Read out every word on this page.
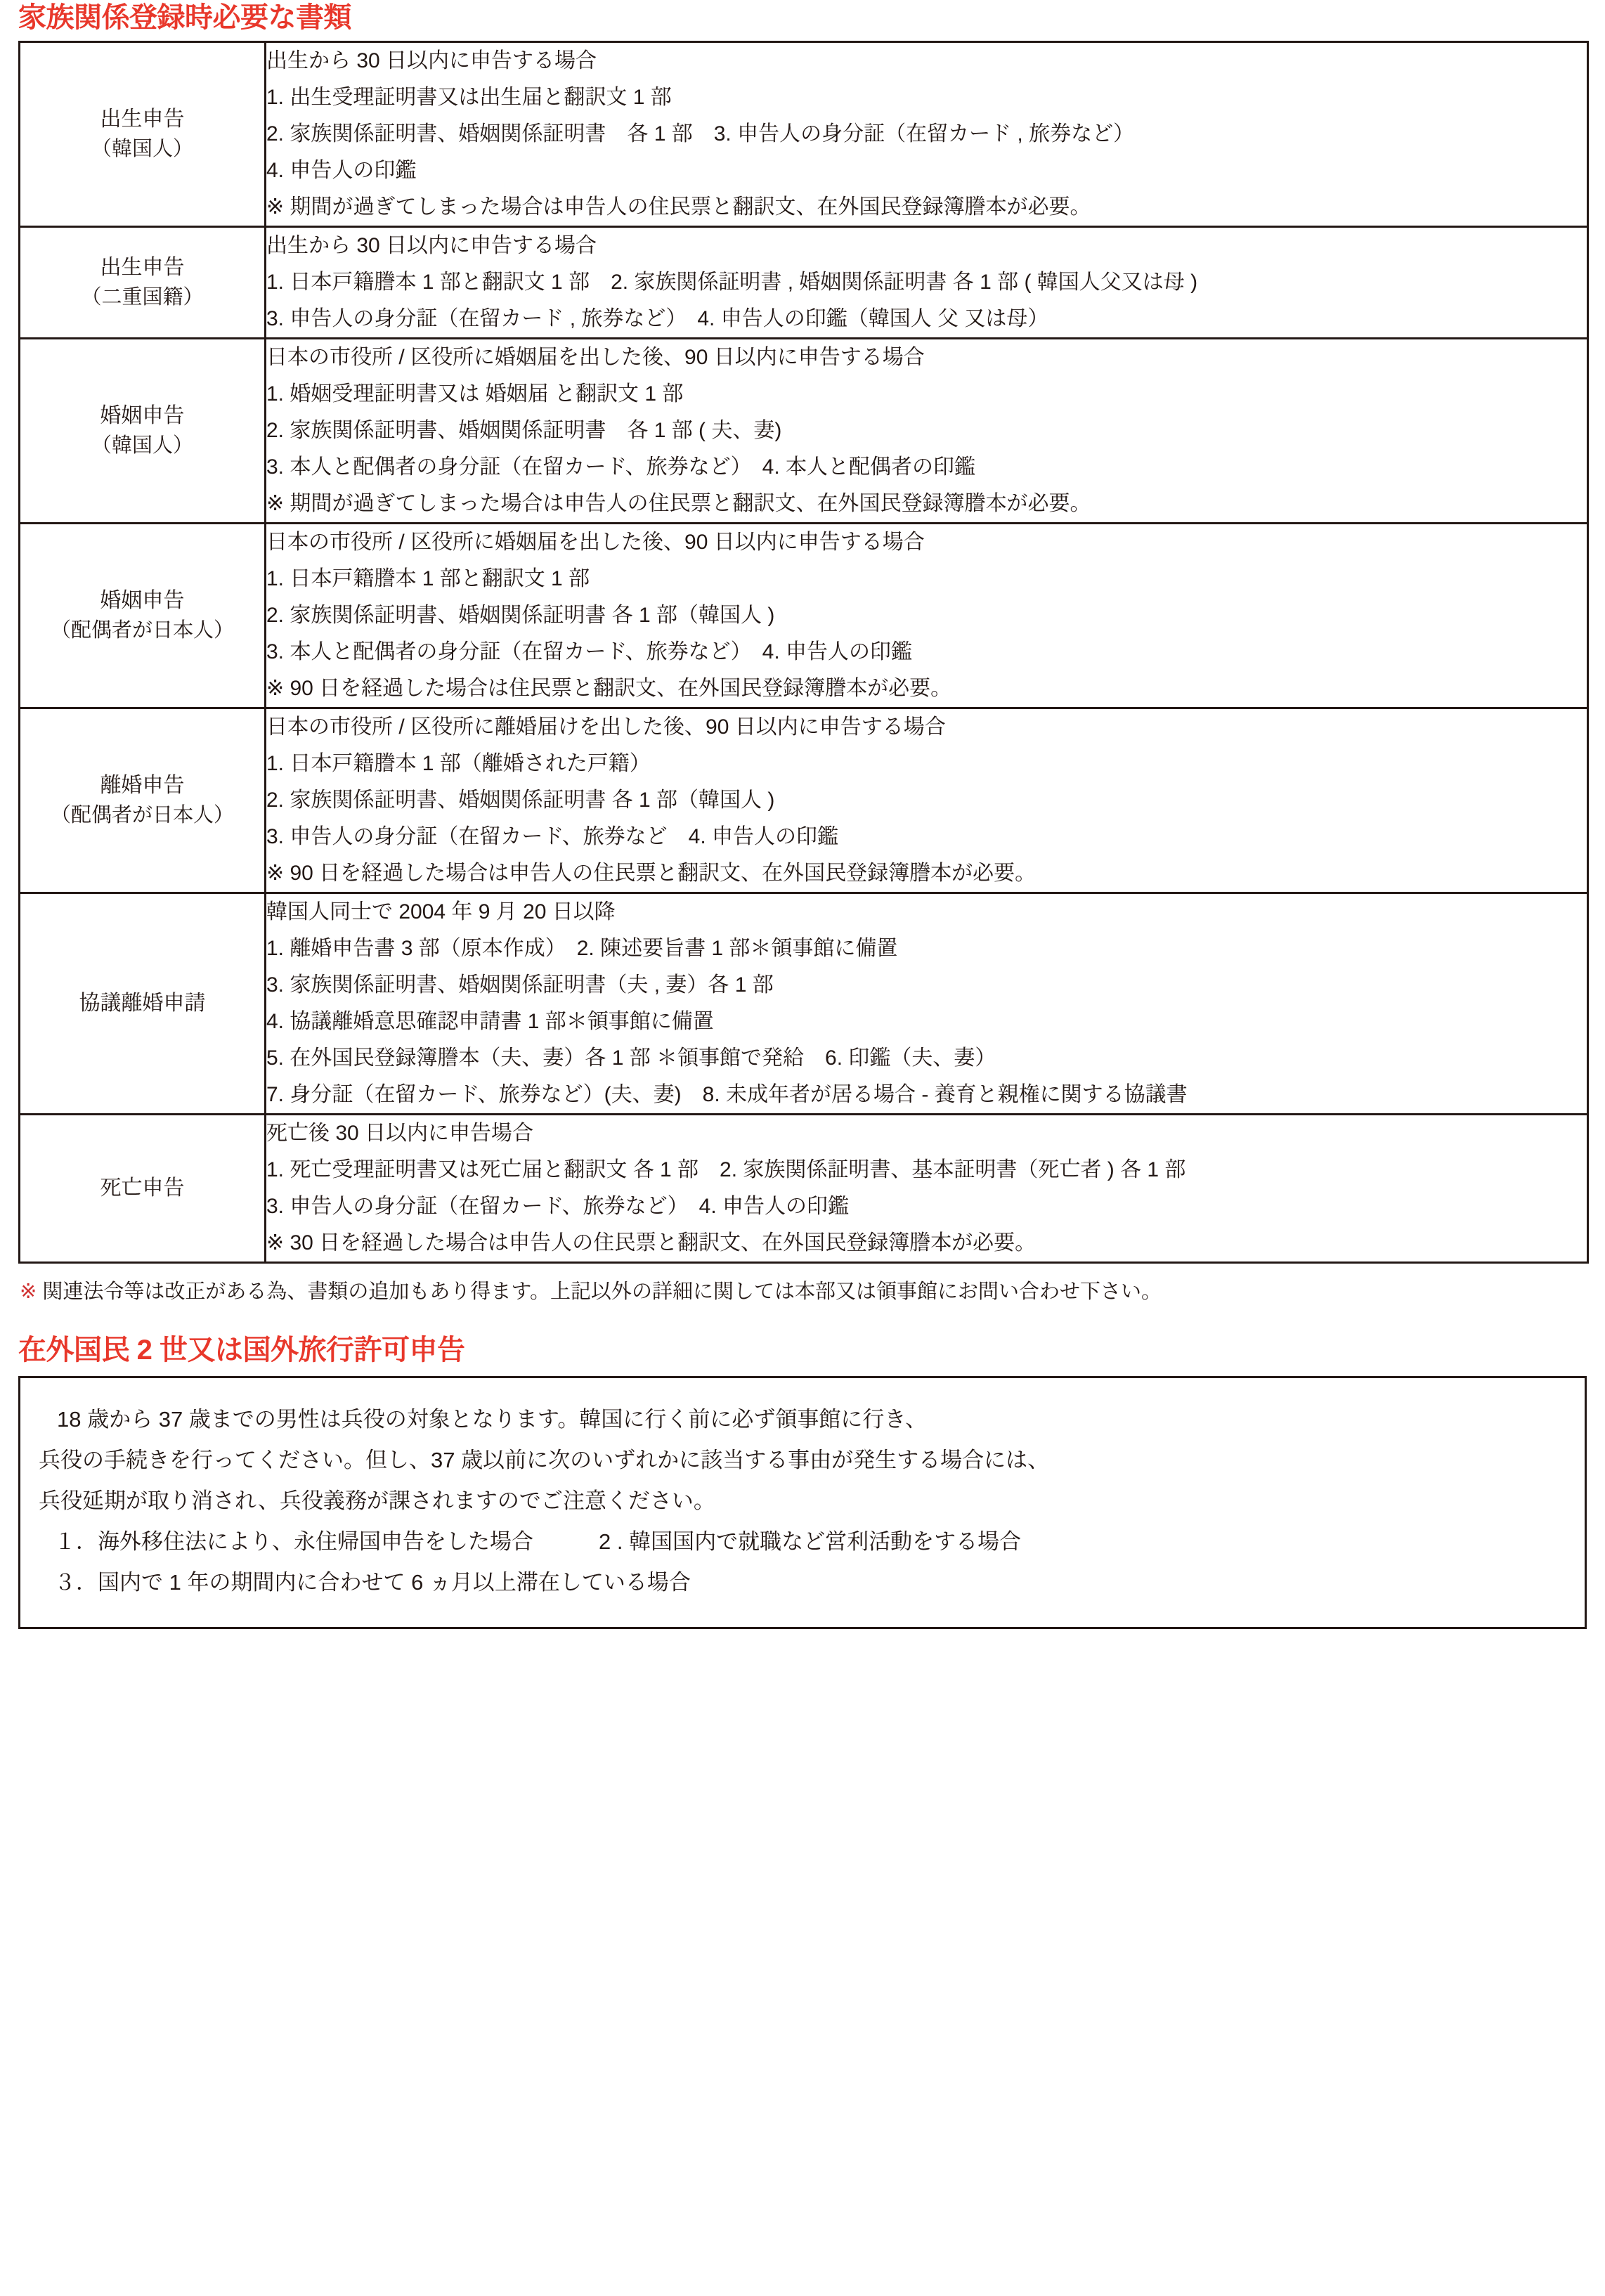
家族関係登録時必要な書類
出生申告
（韓国人）	出生から 30 日以内に申告する場合
1. 出生受理証明書又は出生届と翻訳文 1 部
2. 家族関係証明書、婚姻関係証明書　各 1 部　3. 申告人の身分証（在留カード , 旅券など）
4. 申告人の印鑑
※ 期間が過ぎてしまった場合は申告人の住民票と翻訳文、在外国民登録簿謄本が必要。

出生申告
（二重国籍）	出生から 30 日以内に申告する場合
1. 日本戸籍謄本 1 部と翻訳文 1 部　2. 家族関係証明書 , 婚姻関係証明書 各 1 部 ( 韓国人父又は母 )
3. 申告人の身分証（在留カード , 旅券など）　4. 申告人の印鑑（韓国人 父 又は母）

婚姻申告
（韓国人）	日本の市役所 / 区役所に婚姻届を出した後、90 日以内に申告する場合
1. 婚姻受理証明書又は 婚姻届 と翻訳文 1 部
2. 家族関係証明書、婚姻関係証明書　各 1 部 ( 夫、妻)
3. 本人と配偶者の身分証（在留カード、旅券など）　4. 本人と配偶者の印鑑
※ 期間が過ぎてしまった場合は申告人の住民票と翻訳文、在外国民登録簿謄本が必要。

婚姻申告
（配偶者が日本人）	日本の市役所 / 区役所に婚姻届を出した後、90 日以内に申告する場合
1. 日本戸籍謄本 1 部と翻訳文 1 部
2. 家族関係証明書、婚姻関係証明書 各 1 部（韓国人 )
3. 本人と配偶者の身分証（在留カード、旅券など）　4. 申告人の印鑑
※ 90 日を経過した場合は住民票と翻訳文、在外国民登録簿謄本が必要。

離婚申告
（配偶者が日本人）	日本の市役所 / 区役所に離婚届けを出した後、90 日以内に申告する場合
1. 日本戸籍謄本 1 部（離婚された戸籍）
2. 家族関係証明書、婚姻関係証明書 各 1 部（韓国人 )
3. 申告人の身分証（在留カード、旅券など　4. 申告人の印鑑
※ 90 日を経過した場合は申告人の住民票と翻訳文、在外国民登録簿謄本が必要。

協議離婚申請

韓国人同士で 2004 年 9 月 20 日以降
1. 離婚申告書 3 部（原本作成）　2. 陳述要旨書 1 部＊領事館に備置
3. 家族関係証明書、婚姻関係証明書（夫 , 妻）各 1 部
4. 協議離婚意思確認申請書 1 部＊領事館に備置
5. 在外国民登録簿謄本（夫、妻）各 1 部 ＊領事館で発給　6. 印鑑（夫、妻）
7. 身分証（在留カード、旅券など）(夫、妻)　8. 未成年者が居る場合 - 養育と親権に関する協議書

死亡申告	死亡後 30 日以内に申告場合
1. 死亡受理証明書又は死亡届と翻訳文 各 1 部　2. 家族関係証明書、基本証明書（死亡者 ) 各 1 部
3. 申告人の身分証（在留カード、旅券など）　4. 申告人の印鑑
※ 30 日を経過した場合は申告人の住民票と翻訳文、在外国民登録簿謄本が必要。
※ 関連法令等は改正がある為、書類の追加もあり得ます。上記以外の詳細に関しては本部又は領事館にお問い合わせ下さい。
在外国民 2 世又は国外旅行許可申告
18 歳から 37 歳までの男性は兵役の対象となります。韓国に行く前に必ず領事館に行き、
兵役の手続きを行ってください。但し、37 歳以前に次のいずれかに該当する事由が発生する場合には、
兵役延期が取り消され、兵役義務が課されますのでご注意ください。
１．海外移住法により、永住帰国申告をした場合　　　2 . 韓国国内で就職など営利活動をする場合
３．国内で 1 年の期間内に合わせて 6 ヵ月以上滞在している場合
